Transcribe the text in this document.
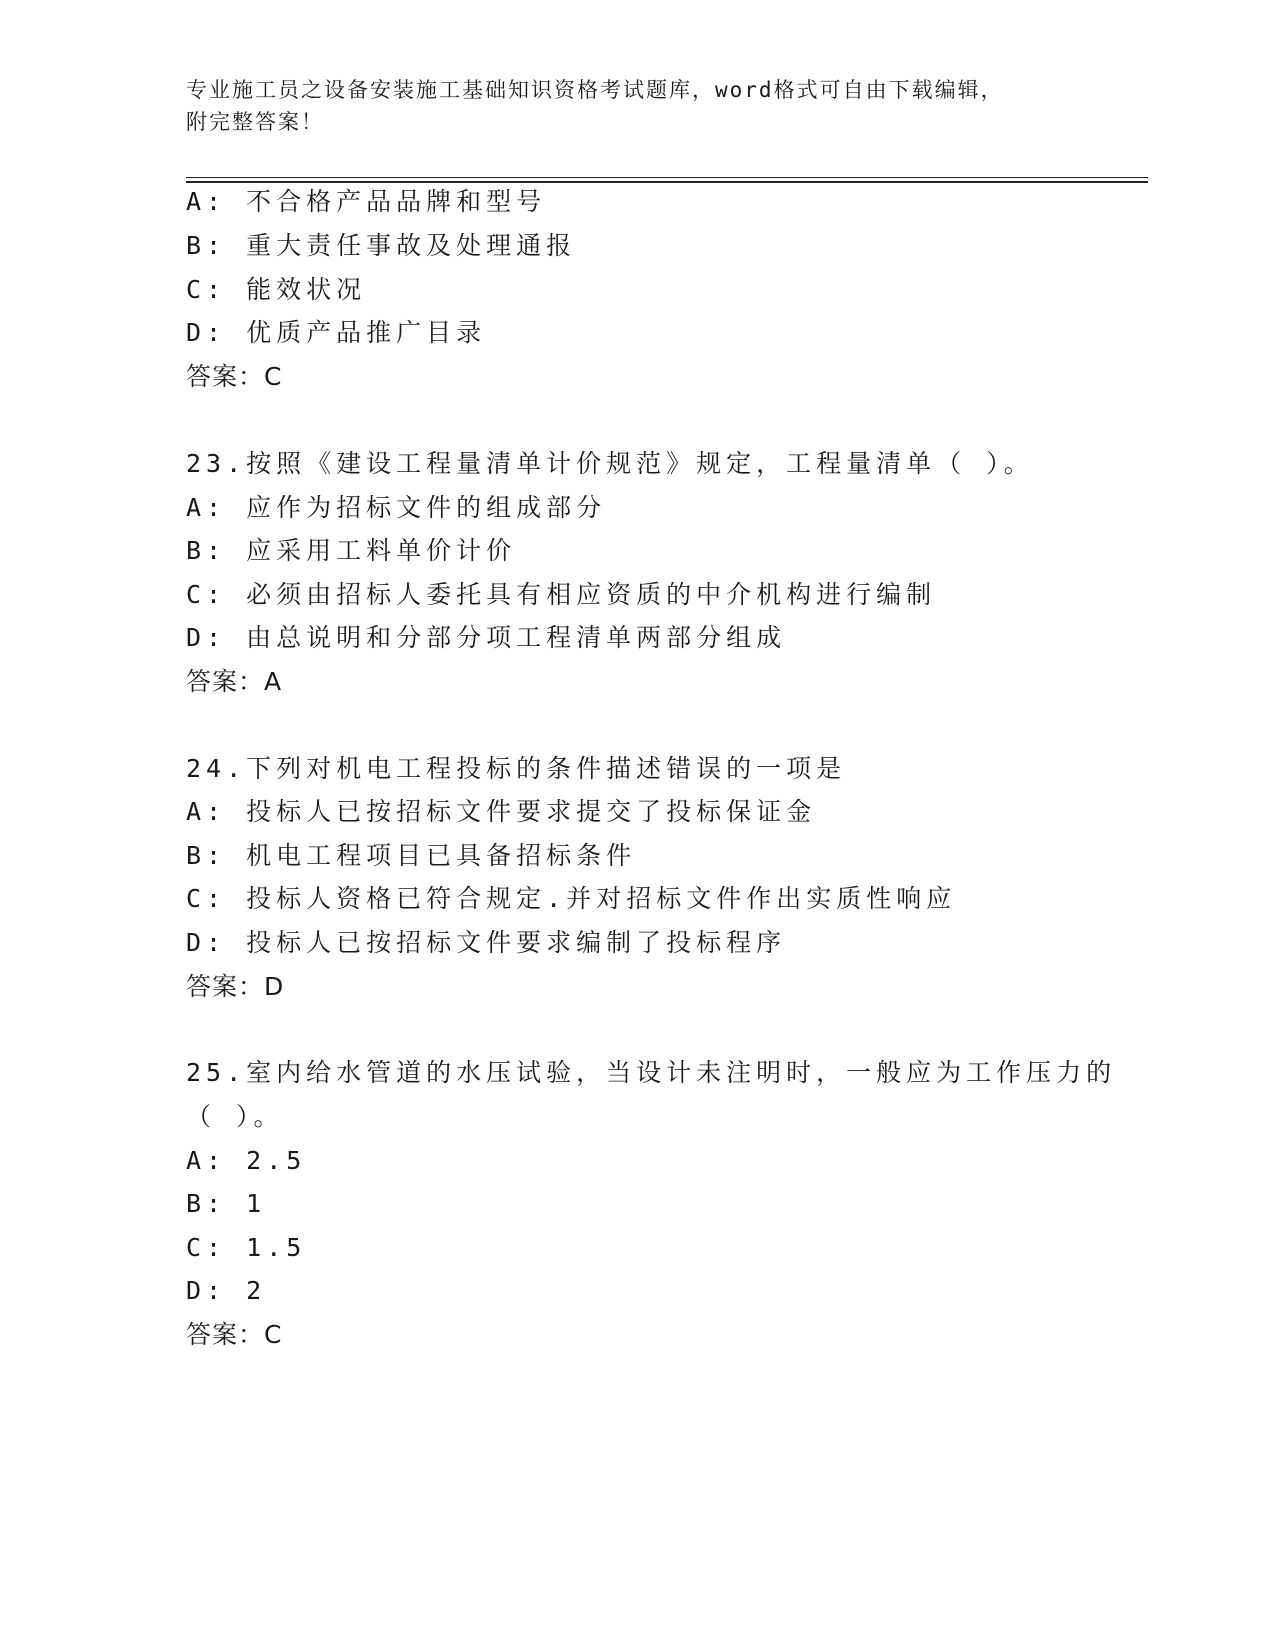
专业施工员之设备安装施工基础知识资格考试题库，word格式可自由下载编辑，
附完整答案！
A: 不合格产品品牌和型号
B: 重大责任事故及处理通报
C: 能效状况
D: 优质产品推广目录
答案：C
23.按照《建设工程量清单计价规范》规定，工程量清单（ ）。
A: 应作为招标文件的组成部分
B: 应采用工料单价计价
C: 必须由招标人委托具有相应资质的中介机构进行编制
D: 由总说明和分部分项工程清单两部分组成
答案：A
24.下列对机电工程投标的条件描述错误的一项是
A: 投标人已按招标文件要求提交了投标保证金
B: 机电工程项目已具备招标条件
C: 投标人资格已符合规定.并对招标文件作出实质性响应
D: 投标人已按招标文件要求编制了投标程序
答案：D
25.室内给水管道的水压试验，当设计未注明时，一般应为工作压力的
（ ）。
A: 2.5
B: 1
C: 1.5
D: 2
答案：C
